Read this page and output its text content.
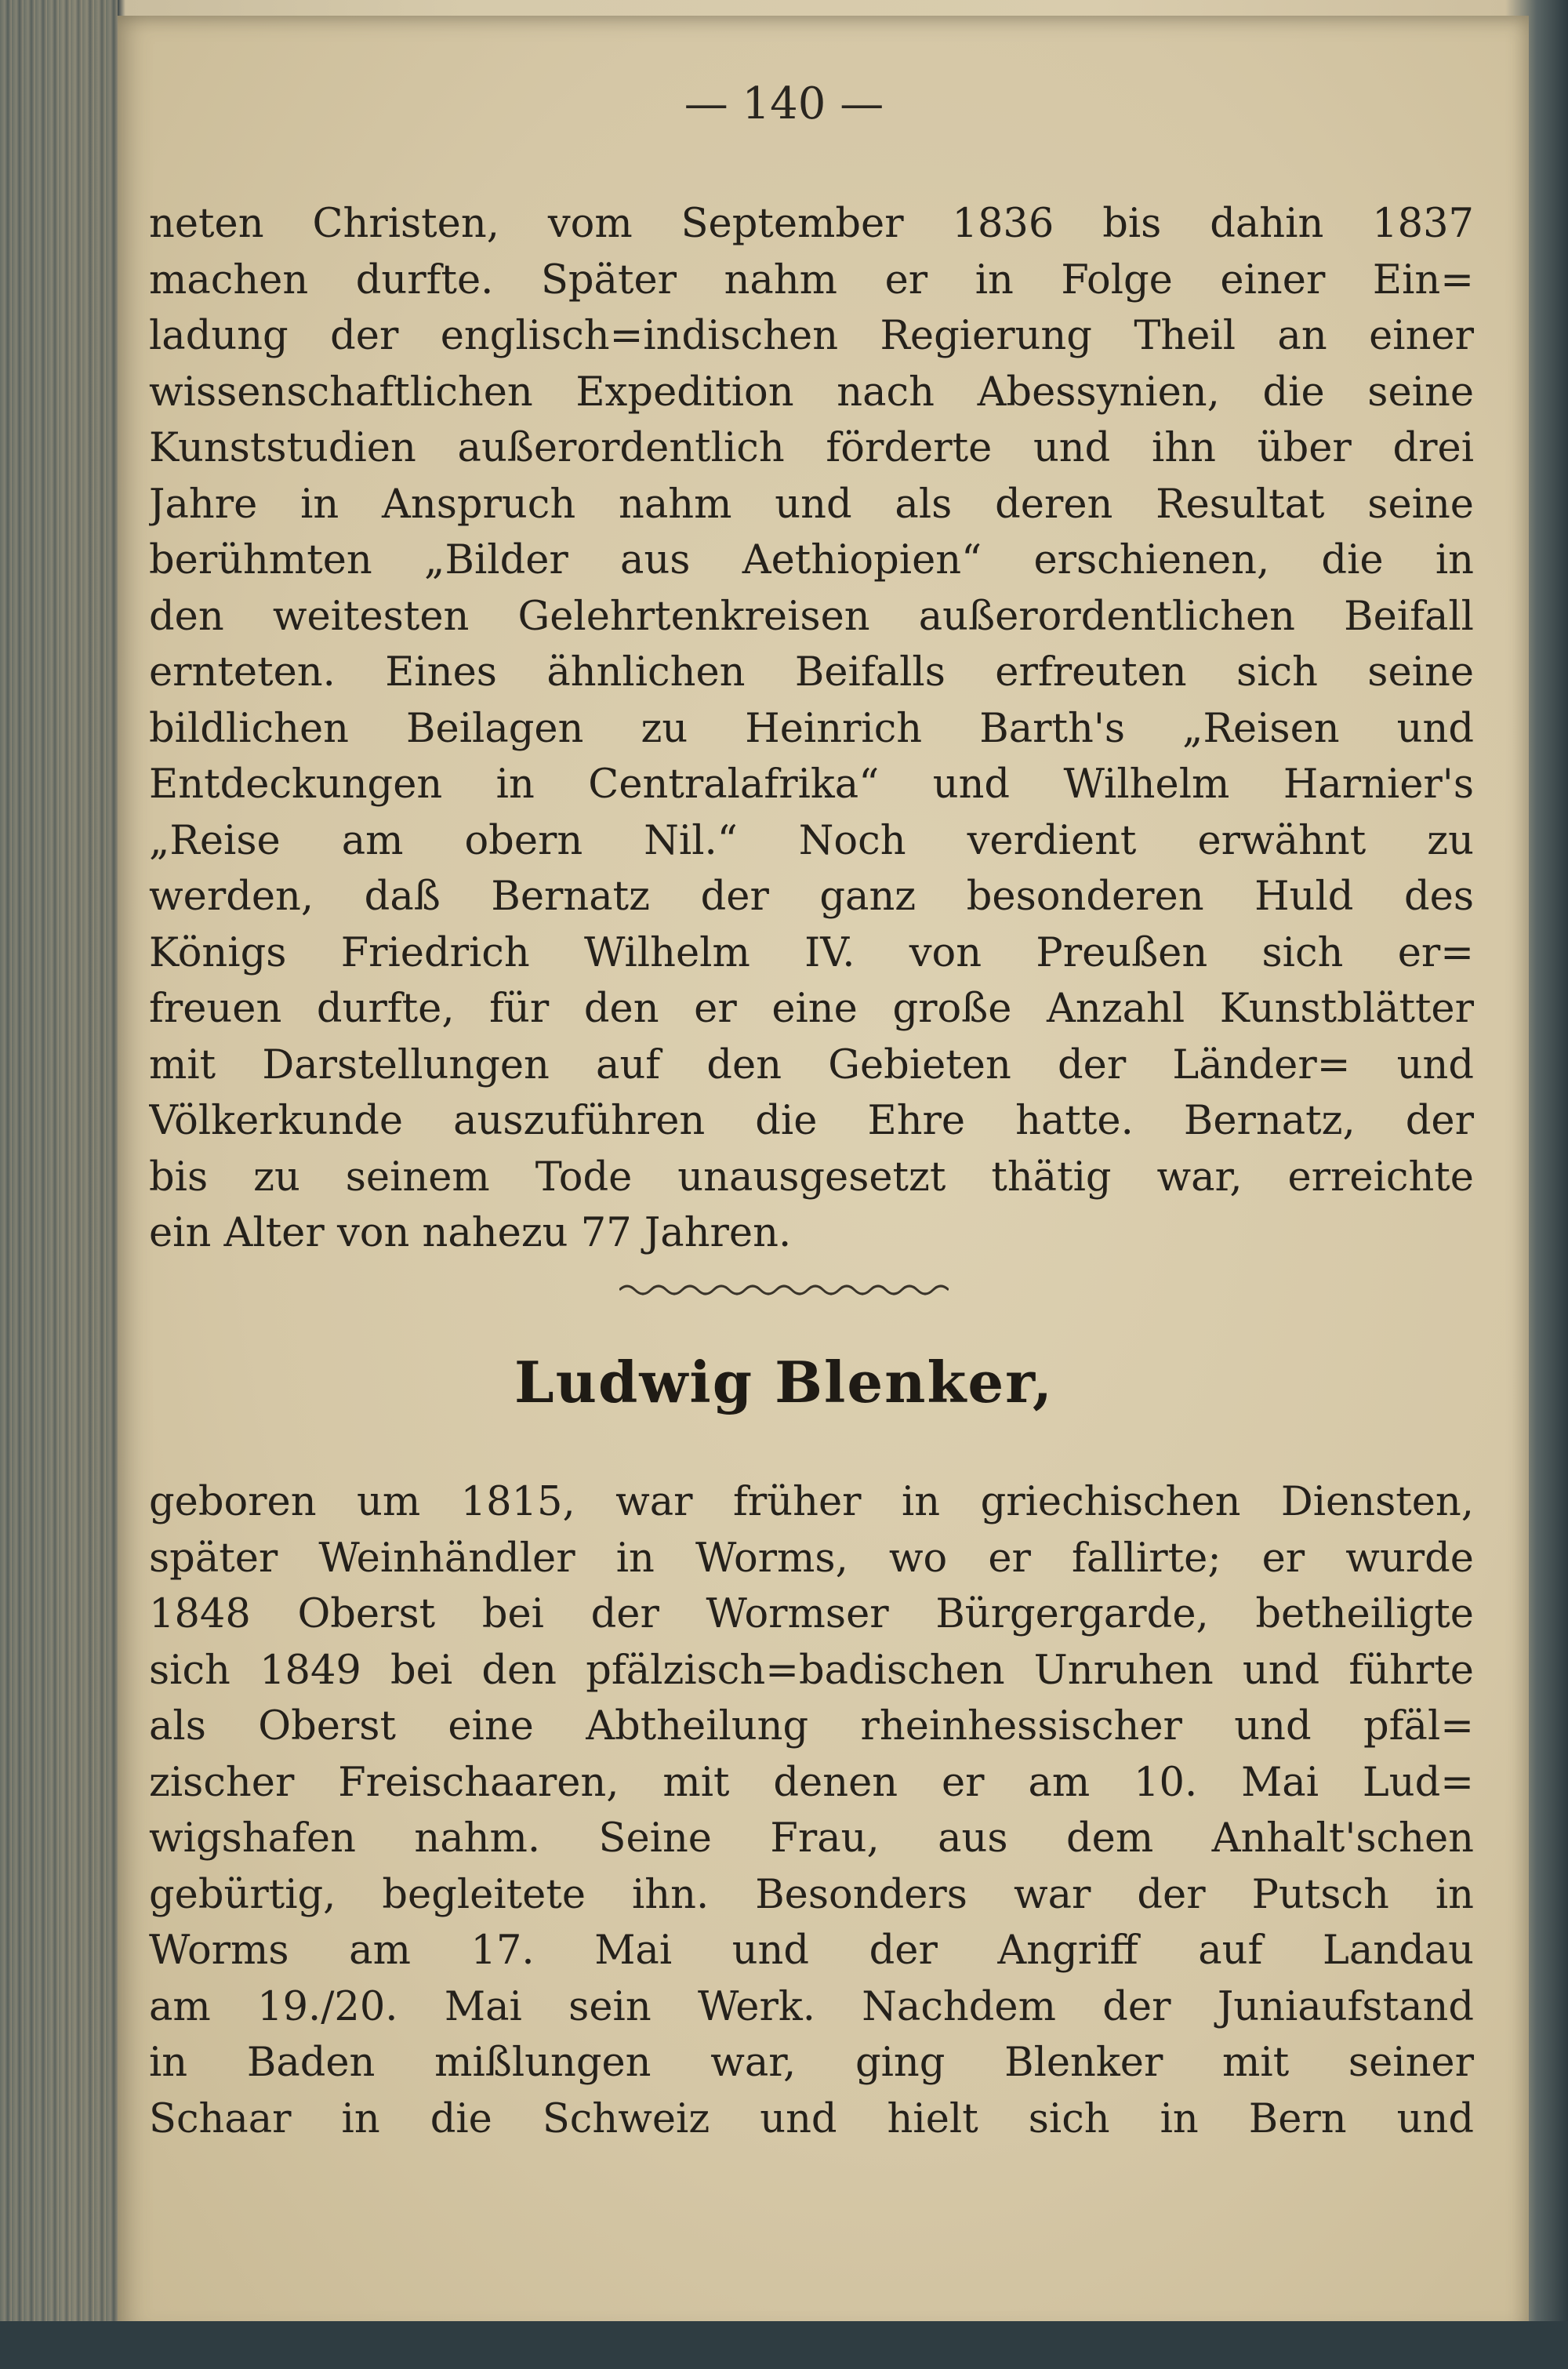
— 140 —
neten Christen, vom September 1836 bis dahin 1837
machen durfte. Später nahm er in Folge einer Ein=
ladung der englisch=indischen Regierung Theil an einer
wissenschaftlichen Expedition nach Abessynien, die seine
Kunststudien außerordentlich förderte und ihn über drei
Jahre in Anspruch nahm und als deren Resultat seine
berühmten „Bilder aus Aethiopien“ erschienen, die in
den weitesten Gelehrtenkreisen außerordentlichen Beifall
ernteten. Eines ähnlichen Beifalls erfreuten sich seine
bildlichen Beilagen zu Heinrich Barth's „Reisen und
Entdeckungen in Centralafrika“ und Wilhelm Harnier's
„Reise am obern Nil.“ Noch verdient erwähnt zu
werden, daß Bernatz der ganz besonderen Huld des
Königs Friedrich Wilhelm IV. von Preußen sich er=
freuen durfte, für den er eine große Anzahl Kunstblätter
mit Darstellungen auf den Gebieten der Länder= und
Völkerkunde auszuführen die Ehre hatte. Bernatz, der
bis zu seinem Tode unausgesetzt thätig war, erreichte
ein Alter von nahezu 77 Jahren.
Ludwig Blenker,
geboren um 1815, war früher in griechischen Diensten,
später Weinhändler in Worms, wo er fallirte; er wurde
1848 Oberst bei der Wormser Bürgergarde, betheiligte
sich 1849 bei den pfälzisch=badischen Unruhen und führte
als Oberst eine Abtheilung rheinhessischer und pfäl=
zischer Freischaaren, mit denen er am 10. Mai Lud=
wigshafen nahm. Seine Frau, aus dem Anhalt'schen
gebürtig, begleitete ihn. Besonders war der Putsch in
Worms am 17. Mai und der Angriff auf Landau
am 19./20. Mai sein Werk. Nachdem der Juniaufstand
in Baden mißlungen war, ging Blenker mit seiner
Schaar in die Schweiz und hielt sich in Bern und
